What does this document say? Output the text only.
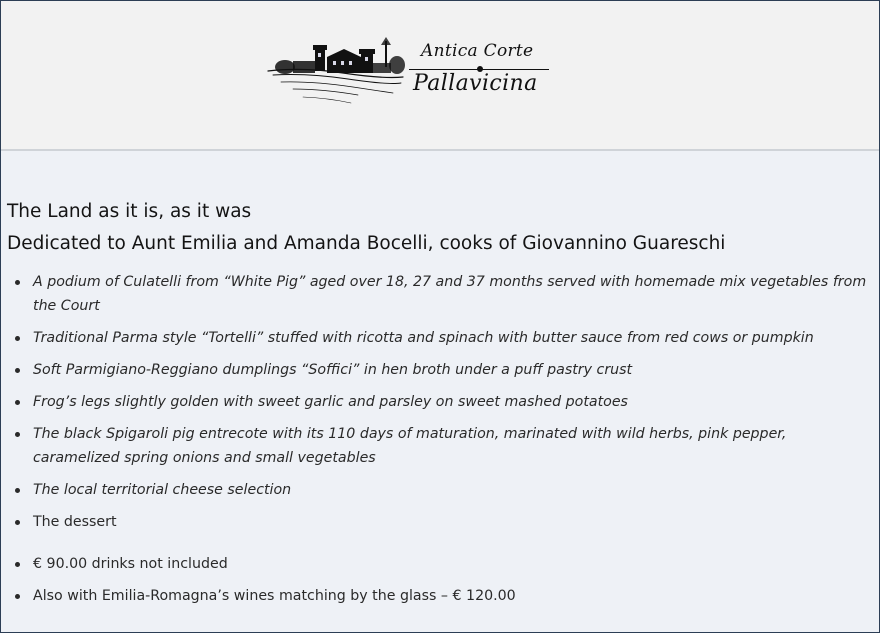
Antica Corte
Pallavicina
The Land as it is, as it was
Dedicated to Aunt Emilia and Amanda Bocelli, cooks of Giovannino Guareschi
A podium of Culatelli from “White Pig” aged over 18, 27 and 37 months served with homemade mix vegetables from the Court
Traditional Parma style “Tortelli” stuffed with ricotta and spinach with butter sauce from red cows or pumpkin
Soft Parmigiano-Reggiano dumplings “Soffici” in hen broth under a puff pastry crust
Frog’s legs slightly golden with sweet garlic and parsley on sweet mashed potatoes
The black Spigaroli pig entrecote with its 110 days of maturation, marinated with wild herbs, pink pepper, caramelized spring onions and small vegetables
The local territorial cheese selection
The dessert
€ 90.00 drinks not included
Also with Emilia-Romagna’s wines matching by the glass – € 120.00
